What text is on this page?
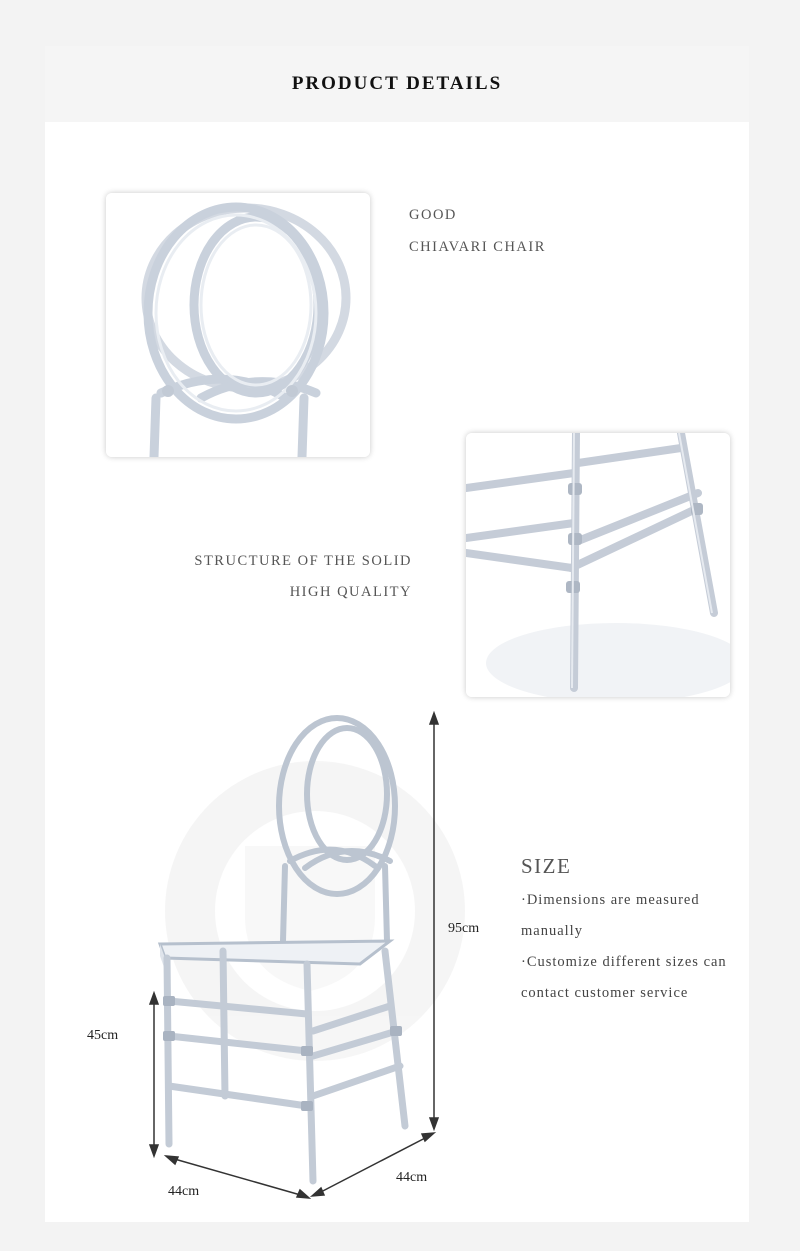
PRODUCT DETAILS

GOOD

CHIAVARI CHAIR

STRUCTURE OF THE SOLID

HIGH QUALITY

95cm
45cm
44cm
44cm

SIZE

·Dimensions are measured

manually

·Customize different sizes can

contact customer service
